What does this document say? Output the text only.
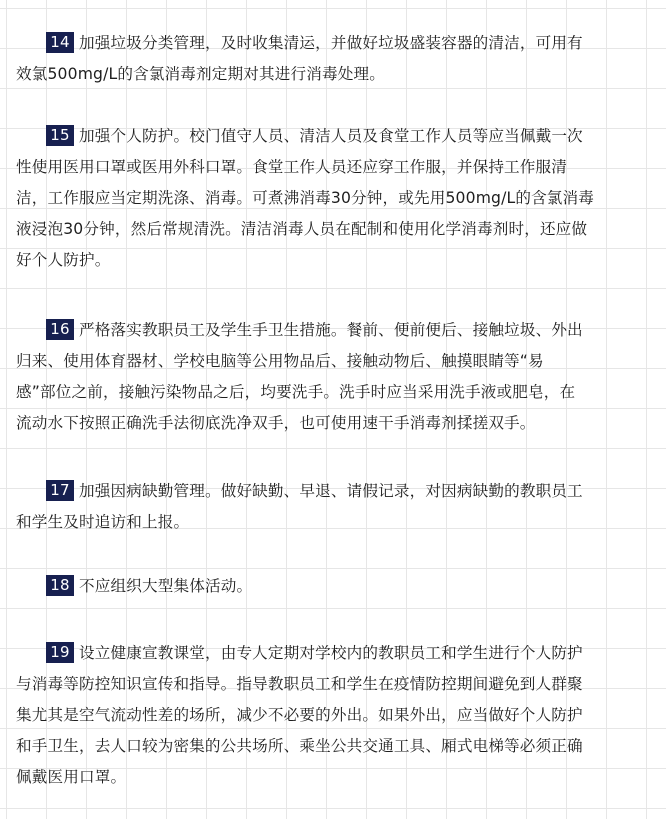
14 加强垃圾分类管理，及时收集清运，并做好垃圾盛装容器的清洁，可用有
效氯500mg/L的含氯消毒剂定期对其进行消毒处理。
15 加强个人防护。校门值守人员、清洁人员及食堂工作人员等应当佩戴一次
性使用医用口罩或医用外科口罩。食堂工作人员还应穿工作服，并保持工作服清
洁，工作服应当定期洗涤、消毒。可煮沸消毒30分钟，或先用500mg/L的含氯消毒
液浸泡30分钟，然后常规清洗。清洁消毒人员在配制和使用化学消毒剂时，还应做
好个人防护。
16 严格落实教职员工及学生手卫生措施。餐前、便前便后、接触垃圾、外出
归来、使用体育器材、学校电脑等公用物品后、接触动物后、触摸眼睛等“易
感”部位之前，接触污染物品之后，均要洗手。洗手时应当采用洗手液或肥皂，在
流动水下按照正确洗手法彻底洗净双手，也可使用速干手消毒剂揉搓双手。
17 加强因病缺勤管理。做好缺勤、早退、请假记录，对因病缺勤的教职员工
和学生及时追访和上报。
18 不应组织大型集体活动。
19 设立健康宣教课堂，由专人定期对学校内的教职员工和学生进行个人防护
与消毒等防控知识宣传和指导。指导教职员工和学生在疫情防控期间避免到人群聚
集尤其是空气流动性差的场所，减少不必要的外出。如果外出，应当做好个人防护
和手卫生，去人口较为密集的公共场所、乘坐公共交通工具、厢式电梯等必须正确
佩戴医用口罩。
